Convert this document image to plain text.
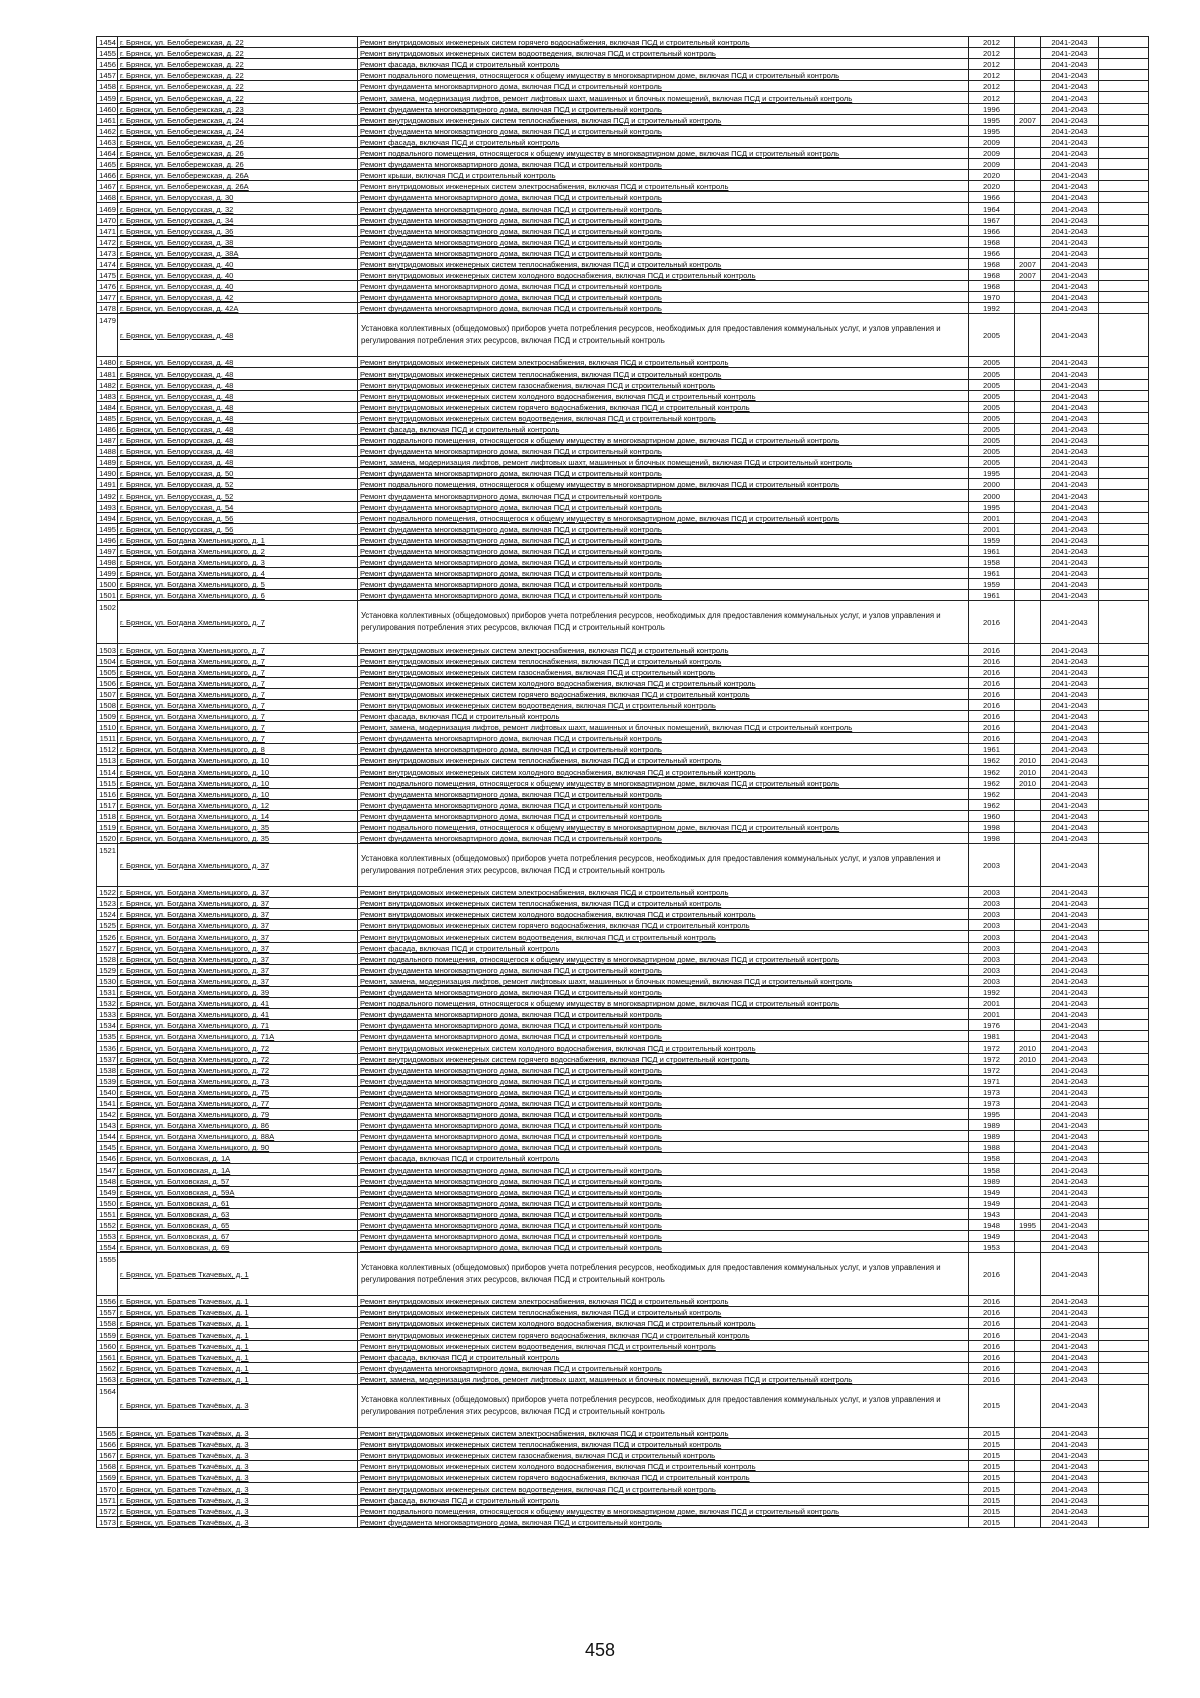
1454	г. Брянск, ул. Белобережская, д. 22	Ремонт внутридомовых инженерных систем горячего водоснабжения, включая ПСД и строительный контроль	2012		2041-2043	
1455	г. Брянск, ул. Белобережская, д. 22	Ремонт внутридомовых инженерных систем водоотведения, включая ПСД и строительный контроль	2012		2041-2043	
1456	г. Брянск, ул. Белобережская, д. 22	Ремонт фасада, включая ПСД и строительный контроль	2012		2041-2043	
1457	г. Брянск, ул. Белобережская, д. 22	Ремонт подвального помещения, относящегося к общему имуществу в многоквартирном доме, включая ПСД и строительный контроль	2012		2041-2043	
1458	г. Брянск, ул. Белобережская, д. 22	Ремонт фундамента многоквартирного дома, включая ПСД и строительный контроль	2012		2041-2043	
1459	г. Брянск, ул. Белобережская, д. 22	Ремонт, замена, модернизация лифтов, ремонт лифтовых шахт, машинных и блочных помещений, включая ПСД и строительный контроль	2012		2041-2043	
1460	г. Брянск, ул. Белобережская, д. 23	Ремонт фундамента многоквартирного дома, включая ПСД и строительный контроль	1996		2041-2043	
1461	г. Брянск, ул. Белобережская, д. 24	Ремонт внутридомовых инженерных систем теплоснабжения, включая ПСД и строительный контроль	1995	2007	2041-2043	
1462	г. Брянск, ул. Белобережская, д. 24	Ремонт фундамента многоквартирного дома, включая ПСД и строительный контроль	1995		2041-2043	
1463	г. Брянск, ул. Белобережская, д. 26	Ремонт фасада, включая ПСД и строительный контроль	2009		2041-2043	
1464	г. Брянск, ул. Белобережская, д. 26	Ремонт подвального помещения, относящегося к общему имуществу в многоквартирном доме, включая ПСД и строительный контроль	2009		2041-2043	
1465	г. Брянск, ул. Белобережская, д. 26	Ремонт фундамента многоквартирного дома, включая ПСД и строительный контроль	2009		2041-2043	
1466	г. Брянск, ул. Белобережская, д. 26А	Ремонт крыши, включая ПСД и строительный контроль	2020		2041-2043	
1467	г. Брянск, ул. Белобережская, д. 26А	Ремонт внутридомовых инженерных систем электроснабжения, включая ПСД и строительный контроль	2020		2041-2043	
1468	г. Брянск, ул. Белорусская, д. 30	Ремонт фундамента многоквартирного дома, включая ПСД и строительный контроль	1966		2041-2043	
1469	г. Брянск, ул. Белорусская, д. 32	Ремонт фундамента многоквартирного дома, включая ПСД и строительный контроль	1964		2041-2043	
1470	г. Брянск, ул. Белорусская, д. 34	Ремонт фундамента многоквартирного дома, включая ПСД и строительный контроль	1967		2041-2043	
1471	г. Брянск, ул. Белорусская, д. 36	Ремонт фундамента многоквартирного дома, включая ПСД и строительный контроль	1966		2041-2043	
1472	г. Брянск, ул. Белорусская, д. 38	Ремонт фундамента многоквартирного дома, включая ПСД и строительный контроль	1968		2041-2043	
1473	г. Брянск, ул. Белорусская, д. 38А	Ремонт фундамента многоквартирного дома, включая ПСД и строительный контроль	1966		2041-2043	
1474	г. Брянск, ул. Белорусская, д. 40	Ремонт внутридомовых инженерных систем теплоснабжения, включая ПСД и строительный контроль	1968	2007	2041-2043	
1475	г. Брянск, ул. Белорусская, д. 40	Ремонт внутридомовых инженерных систем холодного водоснабжения, включая ПСД и строительный контроль	1968	2007	2041-2043	
1476	г. Брянск, ул. Белорусская, д. 40	Ремонт фундамента многоквартирного дома, включая ПСД и строительный контроль	1968		2041-2043	
1477	г. Брянск, ул. Белорусская, д. 42	Ремонт фундамента многоквартирного дома, включая ПСД и строительный контроль	1970		2041-2043	
1478	г. Брянск, ул. Белорусская, д. 42А	Ремонт фундамента многоквартирного дома, включая ПСД и строительный контроль	1992		2041-2043	
1479	г. Брянск, ул. Белорусская, д. 48	Установка коллективных (общедомовых) приборов учета потребления ресурсов, необходимых для предоставления коммунальных услуг, и узлов управления и регулирования потребления этих ресурсов, включая ПСД и строительный контроль	2005		2041-2043	
1480	г. Брянск, ул. Белорусская, д. 48	Ремонт внутридомовых инженерных систем электроснабжения, включая ПСД и строительный контроль	2005		2041-2043	
1481	г. Брянск, ул. Белорусская, д. 48	Ремонт внутридомовых инженерных систем теплоснабжения, включая ПСД и строительный контроль	2005		2041-2043	
1482	г. Брянск, ул. Белорусская, д. 48	Ремонт внутридомовых инженерных систем газоснабжения, включая ПСД и строительный контроль	2005		2041-2043	
1483	г. Брянск, ул. Белорусская, д. 48	Ремонт внутридомовых инженерных систем холодного водоснабжения, включая ПСД и строительный контроль	2005		2041-2043	
1484	г. Брянск, ул. Белорусская, д. 48	Ремонт внутридомовых инженерных систем горячего водоснабжения, включая ПСД и строительный контроль	2005		2041-2043	
1485	г. Брянск, ул. Белорусская, д. 48	Ремонт внутридомовых инженерных систем водоотведения, включая ПСД и строительный контроль	2005		2041-2043	
1486	г. Брянск, ул. Белорусская, д. 48	Ремонт фасада, включая ПСД и строительный контроль	2005		2041-2043	
1487	г. Брянск, ул. Белорусская, д. 48	Ремонт подвального помещения, относящегося к общему имуществу в многоквартирном доме, включая ПСД и строительный контроль	2005		2041-2043	
1488	г. Брянск, ул. Белорусская, д. 48	Ремонт фундамента многоквартирного дома, включая ПСД и строительный контроль	2005		2041-2043	
1489	г. Брянск, ул. Белорусская, д. 48	Ремонт, замена, модернизация лифтов, ремонт лифтовых шахт, машинных и блочных помещений, включая ПСД и строительный контроль	2005		2041-2043	
1490	г. Брянск, ул. Белорусская, д. 50	Ремонт фундамента многоквартирного дома, включая ПСД и строительный контроль	1995		2041-2043	
1491	г. Брянск, ул. Белорусская, д. 52	Ремонт подвального помещения, относящегося к общему имуществу в многоквартирном доме, включая ПСД и строительный контроль	2000		2041-2043	
1492	г. Брянск, ул. Белорусская, д. 52	Ремонт фундамента многоквартирного дома, включая ПСД и строительный контроль	2000		2041-2043	
1493	г. Брянск, ул. Белорусская, д. 54	Ремонт фундамента многоквартирного дома, включая ПСД и строительный контроль	1995		2041-2043	
1494	г. Брянск, ул. Белорусская, д. 56	Ремонт подвального помещения, относящегося к общему имуществу в многоквартирном доме, включая ПСД и строительный контроль	2001		2041-2043	
1495	г. Брянск, ул. Белорусская, д. 56	Ремонт фундамента многоквартирного дома, включая ПСД и строительный контроль	2001		2041-2043	
1496	г. Брянск, ул. Богдана Хмельницкого, д. 1	Ремонт фундамента многоквартирного дома, включая ПСД и строительный контроль	1959		2041-2043	
1497	г. Брянск, ул. Богдана Хмельницкого, д. 2	Ремонт фундамента многоквартирного дома, включая ПСД и строительный контроль	1961		2041-2043	
1498	г. Брянск, ул. Богдана Хмельницкого, д. 3	Ремонт фундамента многоквартирного дома, включая ПСД и строительный контроль	1958		2041-2043	
1499	г. Брянск, ул. Богдана Хмельницкого, д. 4	Ремонт фундамента многоквартирного дома, включая ПСД и строительный контроль	1961		2041-2043	
1500	г. Брянск, ул. Богдана Хмельницкого, д. 5	Ремонт фундамента многоквартирного дома, включая ПСД и строительный контроль	1959		2041-2043	
1501	г. Брянск, ул. Богдана Хмельницкого, д. 6	Ремонт фундамента многоквартирного дома, включая ПСД и строительный контроль	1961		2041-2043	
1502	г. Брянск, ул. Богдана Хмельницкого, д. 7	Установка коллективных (общедомовых) приборов учета потребления ресурсов, необходимых для предоставления коммунальных услуг, и узлов управления и регулирования потребления этих ресурсов, включая ПСД и строительный контроль	2016		2041-2043	
1503	г. Брянск, ул. Богдана Хмельницкого, д. 7	Ремонт внутридомовых инженерных систем электроснабжения, включая ПСД и строительный контроль	2016		2041-2043	
1504	г. Брянск, ул. Богдана Хмельницкого, д. 7	Ремонт внутридомовых инженерных систем теплоснабжения, включая ПСД и строительный контроль	2016		2041-2043	
1505	г. Брянск, ул. Богдана Хмельницкого, д. 7	Ремонт внутридомовых инженерных систем газоснабжения, включая ПСД и строительный контроль	2016		2041-2043	
1506	г. Брянск, ул. Богдана Хмельницкого, д. 7	Ремонт внутридомовых инженерных систем холодного водоснабжения, включая ПСД и строительный контроль	2016		2041-2043	
1507	г. Брянск, ул. Богдана Хмельницкого, д. 7	Ремонт внутридомовых инженерных систем горячего водоснабжения, включая ПСД и строительный контроль	2016		2041-2043	
1508	г. Брянск, ул. Богдана Хмельницкого, д. 7	Ремонт внутридомовых инженерных систем водоотведения, включая ПСД и строительный контроль	2016		2041-2043	
1509	г. Брянск, ул. Богдана Хмельницкого, д. 7	Ремонт фасада, включая ПСД и строительный контроль	2016		2041-2043	
1510	г. Брянск, ул. Богдана Хмельницкого, д. 7	Ремонт, замена, модернизация лифтов, ремонт лифтовых шахт, машинных и блочных помещений, включая ПСД и строительный контроль	2016		2041-2043	
1511	г. Брянск, ул. Богдана Хмельницкого, д. 7	Ремонт фундамента многоквартирного дома, включая ПСД и строительный контроль	2016		2041-2043	
1512	г. Брянск, ул. Богдана Хмельницкого, д. 8	Ремонт фундамента многоквартирного дома, включая ПСД и строительный контроль	1961		2041-2043	
1513	г. Брянск, ул. Богдана Хмельницкого, д. 10	Ремонт внутридомовых инженерных систем теплоснабжения, включая ПСД и строительный контроль	1962	2010	2041-2043	
1514	г. Брянск, ул. Богдана Хмельницкого, д. 10	Ремонт внутридомовых инженерных систем холодного водоснабжения, включая ПСД и строительный контроль	1962	2010	2041-2043	
1515	г. Брянск, ул. Богдана Хмельницкого, д. 10	Ремонт подвального помещения, относящегося к общему имуществу в многоквартирном доме, включая ПСД и строительный контроль	1962	2010	2041-2043	
1516	г. Брянск, ул. Богдана Хмельницкого, д. 10	Ремонт фундамента многоквартирного дома, включая ПСД и строительный контроль	1962		2041-2043	
1517	г. Брянск, ул. Богдана Хмельницкого, д. 12	Ремонт фундамента многоквартирного дома, включая ПСД и строительный контроль	1962		2041-2043	
1518	г. Брянск, ул. Богдана Хмельницкого, д. 14	Ремонт фундамента многоквартирного дома, включая ПСД и строительный контроль	1960		2041-2043	
1519	г. Брянск, ул. Богдана Хмельницкого, д. 35	Ремонт подвального помещения, относящегося к общему имуществу в многоквартирном доме, включая ПСД и строительный контроль	1998		2041-2043	
1520	г. Брянск, ул. Богдана Хмельницкого, д. 35	Ремонт фундамента многоквартирного дома, включая ПСД и строительный контроль	1998		2041-2043	
1521	г. Брянск, ул. Богдана Хмельницкого, д. 37	Установка коллективных (общедомовых) приборов учета потребления ресурсов, необходимых для предоставления коммунальных услуг, и узлов управления и регулирования потребления этих ресурсов, включая ПСД и строительный контроль	2003		2041-2043	
1522	г. Брянск, ул. Богдана Хмельницкого, д. 37	Ремонт внутридомовых инженерных систем электроснабжения, включая ПСД и строительный контроль	2003		2041-2043	
1523	г. Брянск, ул. Богдана Хмельницкого, д. 37	Ремонт внутридомовых инженерных систем теплоснабжения, включая ПСД и строительный контроль	2003		2041-2043	
1524	г. Брянск, ул. Богдана Хмельницкого, д. 37	Ремонт внутридомовых инженерных систем холодного водоснабжения, включая ПСД и строительный контроль	2003		2041-2043	
1525	г. Брянск, ул. Богдана Хмельницкого, д. 37	Ремонт внутридомовых инженерных систем горячего водоснабжения, включая ПСД и строительный контроль	2003		2041-2043	
1526	г. Брянск, ул. Богдана Хмельницкого, д. 37	Ремонт внутридомовых инженерных систем водоотведения, включая ПСД и строительный контроль	2003		2041-2043	
1527	г. Брянск, ул. Богдана Хмельницкого, д. 37	Ремонт фасада, включая ПСД и строительный контроль	2003		2041-2043	
1528	г. Брянск, ул. Богдана Хмельницкого, д. 37	Ремонт подвального помещения, относящегося к общему имуществу в многоквартирном доме, включая ПСД и строительный контроль	2003		2041-2043	
1529	г. Брянск, ул. Богдана Хмельницкого, д. 37	Ремонт фундамента многоквартирного дома, включая ПСД и строительный контроль	2003		2041-2043	
1530	г. Брянск, ул. Богдана Хмельницкого, д. 37	Ремонт, замена, модернизация лифтов, ремонт лифтовых шахт, машинных и блочных помещений, включая ПСД и строительный контроль	2003		2041-2043	
1531	г. Брянск, ул. Богдана Хмельницкого, д. 39	Ремонт фундамента многоквартирного дома, включая ПСД и строительный контроль	1992		2041-2043	
1532	г. Брянск, ул. Богдана Хмельницкого, д. 41	Ремонт подвального помещения, относящегося к общему имуществу в многоквартирном доме, включая ПСД и строительный контроль	2001		2041-2043	
1533	г. Брянск, ул. Богдана Хмельницкого, д. 41	Ремонт фундамента многоквартирного дома, включая ПСД и строительный контроль	2001		2041-2043	
1534	г. Брянск, ул. Богдана Хмельницкого, д. 71	Ремонт фундамента многоквартирного дома, включая ПСД и строительный контроль	1976		2041-2043	
1535	г. Брянск, ул. Богдана Хмельницкого, д. 71А	Ремонт фундамента многоквартирного дома, включая ПСД и строительный контроль	1981		2041-2043	
1536	г. Брянск, ул. Богдана Хмельницкого, д. 72	Ремонт внутридомовых инженерных систем холодного водоснабжения, включая ПСД и строительный контроль	1972	2010	2041-2043	
1537	г. Брянск, ул. Богдана Хмельницкого, д. 72	Ремонт внутридомовых инженерных систем горячего водоснабжения, включая ПСД и строительный контроль	1972	2010	2041-2043	
1538	г. Брянск, ул. Богдана Хмельницкого, д. 72	Ремонт фундамента многоквартирного дома, включая ПСД и строительный контроль	1972		2041-2043	
1539	г. Брянск, ул. Богдана Хмельницкого, д. 73	Ремонт фундамента многоквартирного дома, включая ПСД и строительный контроль	1971		2041-2043	
1540	г. Брянск, ул. Богдана Хмельницкого, д. 75	Ремонт фундамента многоквартирного дома, включая ПСД и строительный контроль	1973		2041-2043	
1541	г. Брянск, ул. Богдана Хмельницкого, д. 77	Ремонт фундамента многоквартирного дома, включая ПСД и строительный контроль	1973		2041-2043	
1542	г. Брянск, ул. Богдана Хмельницкого, д. 79	Ремонт фундамента многоквартирного дома, включая ПСД и строительный контроль	1995		2041-2043	
1543	г. Брянск, ул. Богдана Хмельницкого, д. 86	Ремонт фундамента многоквартирного дома, включая ПСД и строительный контроль	1989		2041-2043	
1544	г. Брянск, ул. Богдана Хмельницкого, д. 88А	Ремонт фундамента многоквартирного дома, включая ПСД и строительный контроль	1989		2041-2043	
1545	г. Брянск, ул. Богдана Хмельницкого, д. 90	Ремонт фундамента многоквартирного дома, включая ПСД и строительный контроль	1988		2041-2043	
1546	г. Брянск, ул. Болховская, д. 1А	Ремонт фасада, включая ПСД и строительный контроль	1958		2041-2043	
1547	г. Брянск, ул. Болховская, д. 1А	Ремонт фундамента многоквартирного дома, включая ПСД и строительный контроль	1958		2041-2043	
1548	г. Брянск, ул. Болховская, д. 57	Ремонт фундамента многоквартирного дома, включая ПСД и строительный контроль	1989		2041-2043	
1549	г. Брянск, ул. Болховская, д. 59А	Ремонт фундамента многоквартирного дома, включая ПСД и строительный контроль	1949		2041-2043	
1550	г. Брянск, ул. Болховская, д. 61	Ремонт фундамента многоквартирного дома, включая ПСД и строительный контроль	1949		2041-2043	
1551	г. Брянск, ул. Болховская, д. 63	Ремонт фундамента многоквартирного дома, включая ПСД и строительный контроль	1943		2041-2043	
1552	г. Брянск, ул. Болховская, д. 65	Ремонт фундамента многоквартирного дома, включая ПСД и строительный контроль	1948	1995	2041-2043	
1553	г. Брянск, ул. Болховская, д. 67	Ремонт фундамента многоквартирного дома, включая ПСД и строительный контроль	1949		2041-2043	
1554	г. Брянск, ул. Болховская, д. 69	Ремонт фундамента многоквартирного дома, включая ПСД и строительный контроль	1953		2041-2043	
1555	г. Брянск, ул. Братьев Ткачевых, д. 1	Установка коллективных (общедомовых) приборов учета потребления ресурсов, необходимых для предоставления коммунальных услуг, и узлов управления и регулирования потребления этих ресурсов, включая ПСД и строительный контроль	2016		2041-2043	
1556	г. Брянск, ул. Братьев Ткачевых, д. 1	Ремонт внутридомовых инженерных систем электроснабжения, включая ПСД и строительный контроль	2016		2041-2043	
1557	г. Брянск, ул. Братьев Ткачевых, д. 1	Ремонт внутридомовых инженерных систем теплоснабжения, включая ПСД и строительный контроль	2016		2041-2043	
1558	г. Брянск, ул. Братьев Ткачевых, д. 1	Ремонт внутридомовых инженерных систем холодного водоснабжения, включая ПСД и строительный контроль	2016		2041-2043	
1559	г. Брянск, ул. Братьев Ткачевых, д. 1	Ремонт внутридомовых инженерных систем горячего водоснабжения, включая ПСД и строительный контроль	2016		2041-2043	
1560	г. Брянск, ул. Братьев Ткачевых, д. 1	Ремонт внутридомовых инженерных систем водоотведения, включая ПСД и строительный контроль	2016		2041-2043	
1561	г. Брянск, ул. Братьев Ткачевых, д. 1	Ремонт фасада, включая ПСД и строительный контроль	2016		2041-2043	
1562	г. Брянск, ул. Братьев Ткачевых, д. 1	Ремонт фундамента многоквартирного дома, включая ПСД и строительный контроль	2016		2041-2043	
1563	г. Брянск, ул. Братьев Ткачевых, д. 1	Ремонт, замена, модернизация лифтов, ремонт лифтовых шахт, машинных и блочных помещений, включая ПСД и строительный контроль	2016		2041-2043	
1564	г. Брянск, ул. Братьев Ткачёвых, д. 3	Установка коллективных (общедомовых) приборов учета потребления ресурсов, необходимых для предоставления коммунальных услуг, и узлов управления и регулирования потребления этих ресурсов, включая ПСД и строительный контроль	2015		2041-2043	
1565	г. Брянск, ул. Братьев Ткачёвых, д. 3	Ремонт внутридомовых инженерных систем электроснабжения, включая ПСД и строительный контроль	2015		2041-2043	
1566	г. Брянск, ул. Братьев Ткачёвых, д. 3	Ремонт внутридомовых инженерных систем теплоснабжения, включая ПСД и строительный контроль	2015		2041-2043	
1567	г. Брянск, ул. Братьев Ткачёвых, д. 3	Ремонт внутридомовых инженерных систем газоснабжения, включая ПСД и строительный контроль	2015		2041-2043	
1568	г. Брянск, ул. Братьев Ткачёвых, д. 3	Ремонт внутридомовых инженерных систем холодного водоснабжения, включая ПСД и строительный контроль	2015		2041-2043	
1569	г. Брянск, ул. Братьев Ткачёвых, д. 3	Ремонт внутридомовых инженерных систем горячего водоснабжения, включая ПСД и строительный контроль	2015		2041-2043	
1570	г. Брянск, ул. Братьев Ткачёвых, д. 3	Ремонт внутридомовых инженерных систем водоотведения, включая ПСД и строительный контроль	2015		2041-2043	
1571	г. Брянск, ул. Братьев Ткачёвых, д. 3	Ремонт фасада, включая ПСД и строительный контроль	2015		2041-2043	
1572	г. Брянск, ул. Братьев Ткачёвых, д. 3	Ремонт подвального помещения, относящегося к общему имуществу в многоквартирном доме, включая ПСД и строительный контроль	2015		2041-2043	
1573	г. Брянск, ул. Братьев Ткачёвых, д. 3	Ремонт фундамента многоквартирного дома, включая ПСД и строительный контроль	2015		2041-2043	
458
